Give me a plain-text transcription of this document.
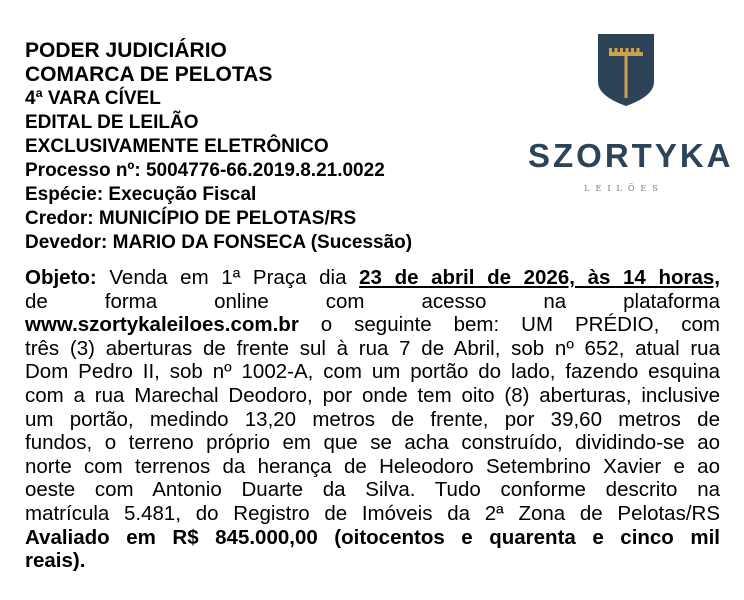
PODER JUDICIÁRIO
COMARCA DE PELOTAS
4ª VARA CÍVEL
EDITAL DE LEILÃO
EXCLUSIVAMENTE ELETRÔNICO
Processo nº: 5004776-66.2019.8.21.0022
Espécie: Execução Fiscal
Credor: MUNICÍPIO DE PELOTAS/RS
Devedor: MARIO DA FONSECA (Sucessão)
SZORTYKA
LEILÕES
Objeto: Venda em 1ª Praça dia 23 de abril de 2026, às 14 horas,
de forma online com acesso na plataforma
www.szortykaleiloes.com.br o seguinte bem: UM PRÉDIO, com
três (3) aberturas de frente sul à rua 7 de Abril, sob nº 652, atual rua
Dom Pedro II, sob nº 1002-A, com um portão do lado, fazendo esquina
com a rua Marechal Deodoro, por onde tem oito (8) aberturas, inclusive
um portão, medindo 13,20 metros de frente, por 39,60 metros de
fundos, o terreno próprio em que se acha construído, dividindo-se ao
norte com terrenos da herança de Heleodoro Setembrino Xavier e ao
oeste com Antonio Duarte da Silva. Tudo conforme descrito na
matrícula 5.481, do Registro de Imóveis da 2ª Zona de Pelotas/RS
Avaliado em R$ 845.000,00 (oitocentos e quarenta e cinco mil
reais).
